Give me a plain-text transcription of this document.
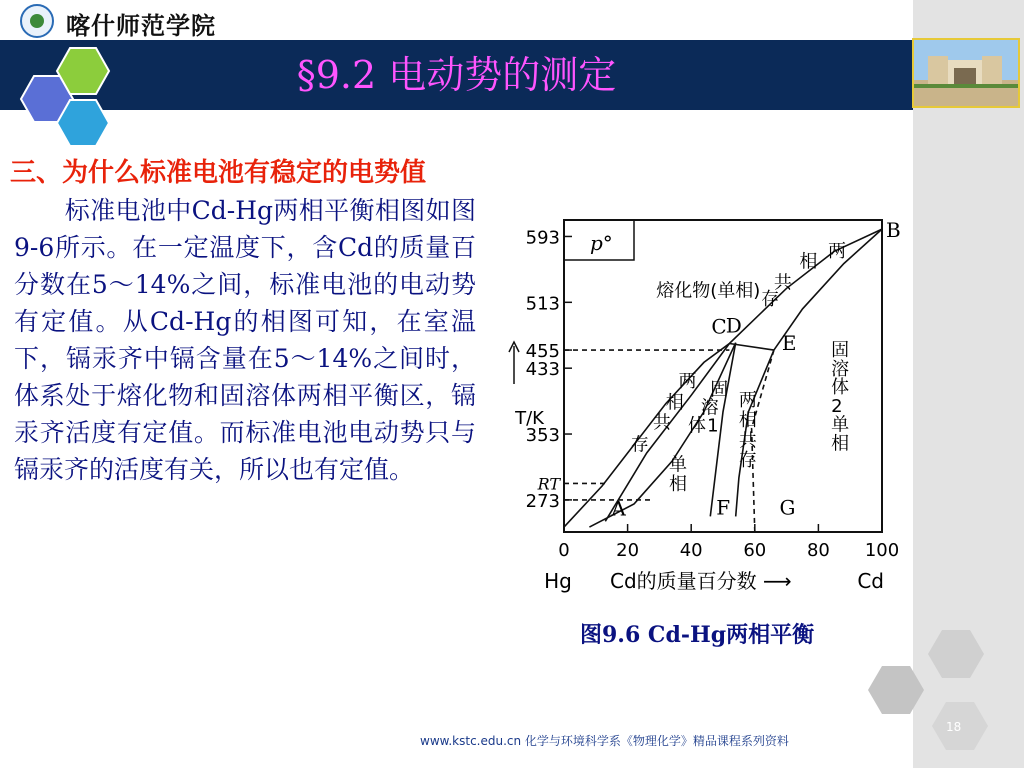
喀什师范学院
§9.2 电动势的测定
三、为什么标准电池有稳定的电势值
　　标准电池中Cd-Hg两相平衡相图如图9-6所示。在一定温度下，含Cd的质量百分数在5～14%之间，标准电池的电动势有定值。从Cd-Hg的相图可知，在室温下，镉汞齐中镉含量在5～14%之间时，体系处于熔化物和固溶体两相平衡区，镉汞齐活度有定值。而标准电池电动势只与镉汞齐的活度有关，所以也有定值。
p°
273
353
433
455
513
593
RT
0	20 40 60 80 100
T/K
Hg Cd的质量百分数 ⟶	Cd
A
B
C D
E
F G
熔化物(单相)
两
相
共
存
固
溶
体
2
单
相
两
相
共
存
两
相
共
存
固
溶
体 1
单
相
图9.6 Cd-Hg两相平衡
www.kstc.edu.cn 化学与环境科学系《物理化学》精品课程系列资料
18
